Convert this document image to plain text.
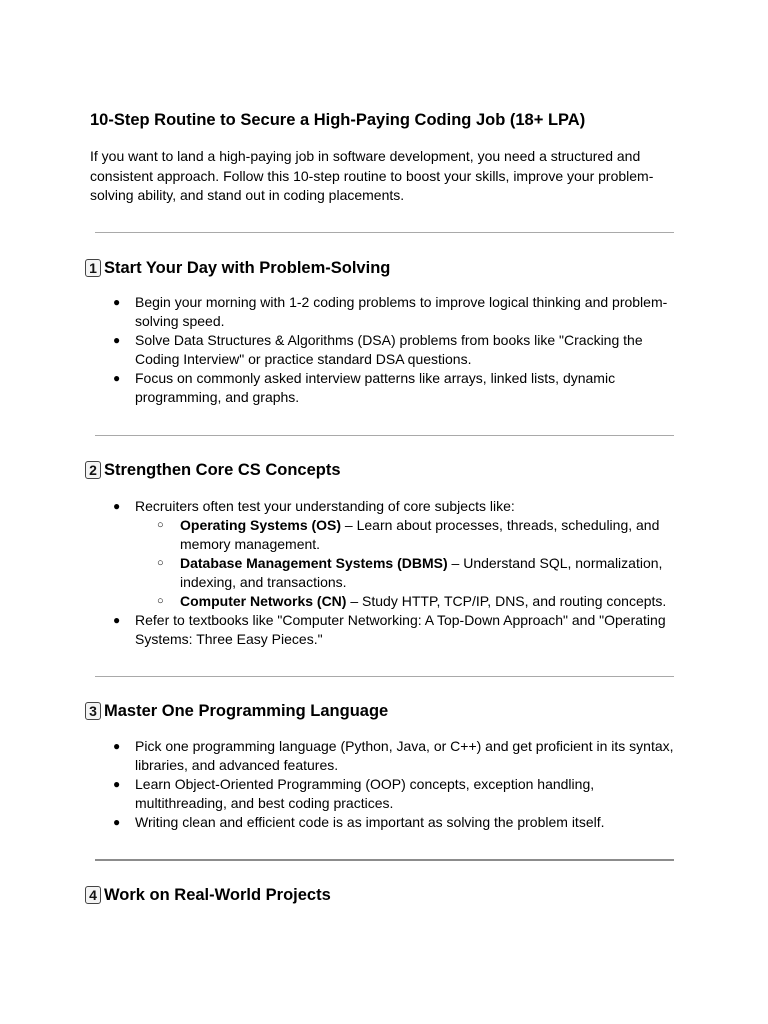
10-Step Routine to Secure a High-Paying Coding Job (18+ LPA)

If you want to land a high-paying job in software development, you need a structured and consistent approach. Follow this 10-step routine to boost your skills, improve your problem-solving ability, and stand out in coding placements.

1 Start Your Day with Problem-Solving
● Begin your morning with 1-2 coding problems to improve logical thinking and problem-solving speed.
● Solve Data Structures & Algorithms (DSA) problems from books like "Cracking the Coding Interview" or practice standard DSA questions.
● Focus on commonly asked interview patterns like arrays, linked lists, dynamic programming, and graphs.
2 Strengthen Core CS Concepts
● Recruiters often test your understanding of core subjects like:
○ Operating Systems (OS) – Learn about processes, threads, scheduling, and memory management.
○ Database Management Systems (DBMS) – Understand SQL, normalization, indexing, and transactions.
○ Computer Networks (CN) – Study HTTP, TCP/IP, DNS, and routing concepts.
● Refer to textbooks like "Computer Networking: A Top-Down Approach" and "Operating Systems: Three Easy Pieces."
3 Master One Programming Language
● Pick one programming language (Python, Java, or C++) and get proficient in its syntax, libraries, and advanced features.
● Learn Object-Oriented Programming (OOP) concepts, exception handling, multithreading, and best coding practices.
● Writing clean and efficient code is as important as solving the problem itself.
4 Work on Real-World Projects
